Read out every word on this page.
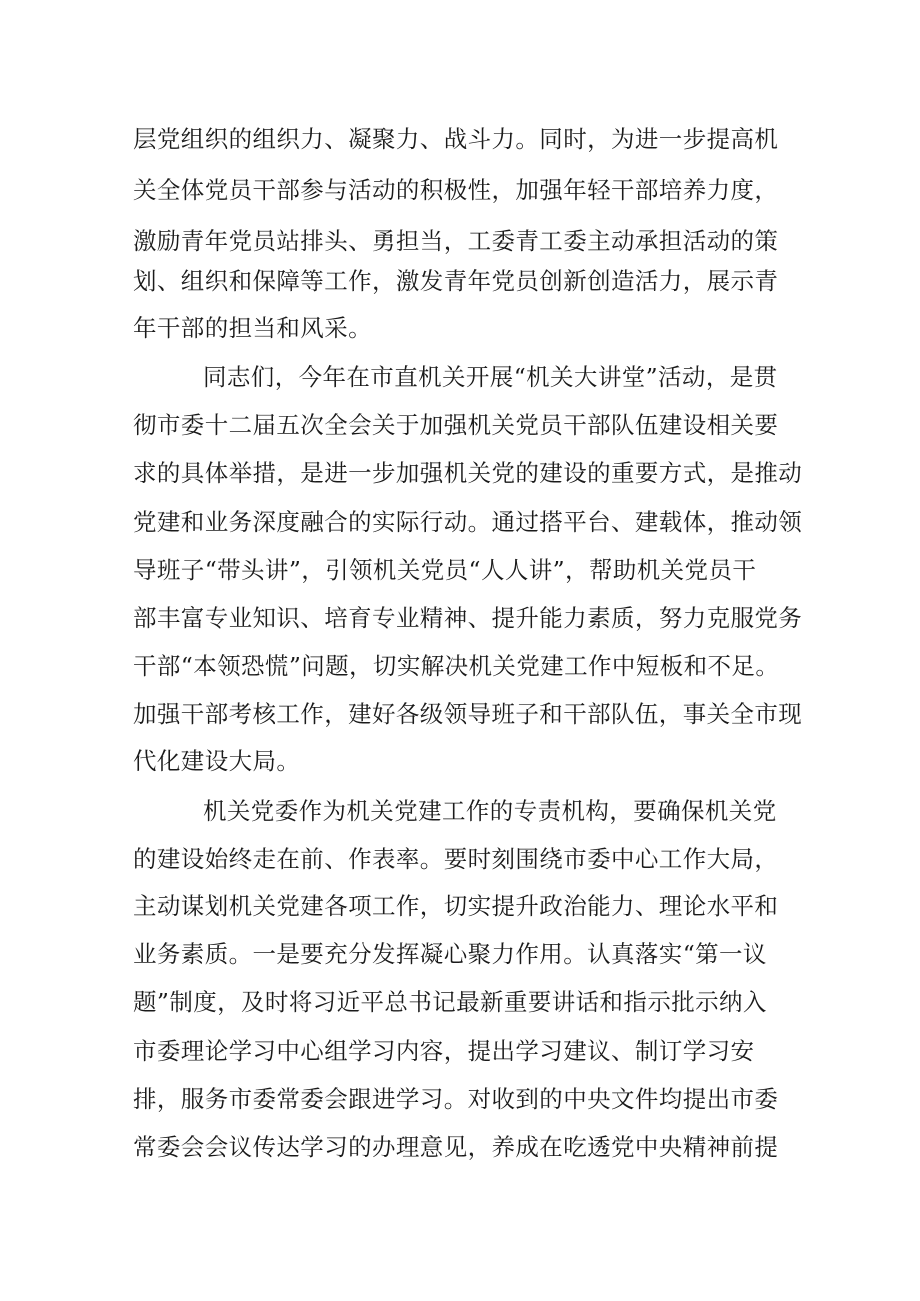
层党组织的组织力、凝聚力、战斗力。同时，为进一步提高机
关全体党员干部参与活动的积极性，加强年轻干部培养力度，
激励青年党员站排头、勇担当，工委青工委主动承担活动的策
划、组织和保障等工作，激发青年党员创新创造活力，展示青
年干部的担当和风采。
同志们，今年在市直机关开展“机关大讲堂”活动，是贯
彻市委十二届五次全会关于加强机关党员干部队伍建设相关要
求的具体举措，是进一步加强机关党的建设的重要方式，是推动
党建和业务深度融合的实际行动。通过搭平台、建载体，推动领
导班子“带头讲”，引领机关党员“人人讲”，帮助机关党员干
部丰富专业知识、培育专业精神、提升能力素质，努力克服党务
干部“本领恐慌”问题，切实解决机关党建工作中短板和不足。
加强干部考核工作，建好各级领导班子和干部队伍，事关全市现
代化建设大局。
机关党委作为机关党建工作的专责机构，要确保机关党
的建设始终走在前、作表率。要时刻围绕市委中心工作大局，
主动谋划机关党建各项工作，切实提升政治能力、理论水平和
业务素质。一是要充分发挥凝心聚力作用。认真落实“第一议
题”制度，及时将习近平总书记最新重要讲话和指示批示纳入
市委理论学习中心组学习内容，提出学习建议、制订学习安
排，服务市委常委会跟进学习。对收到的中央文件均提出市委
常委会会议传达学习的办理意见，养成在吃透党中央精神前提
